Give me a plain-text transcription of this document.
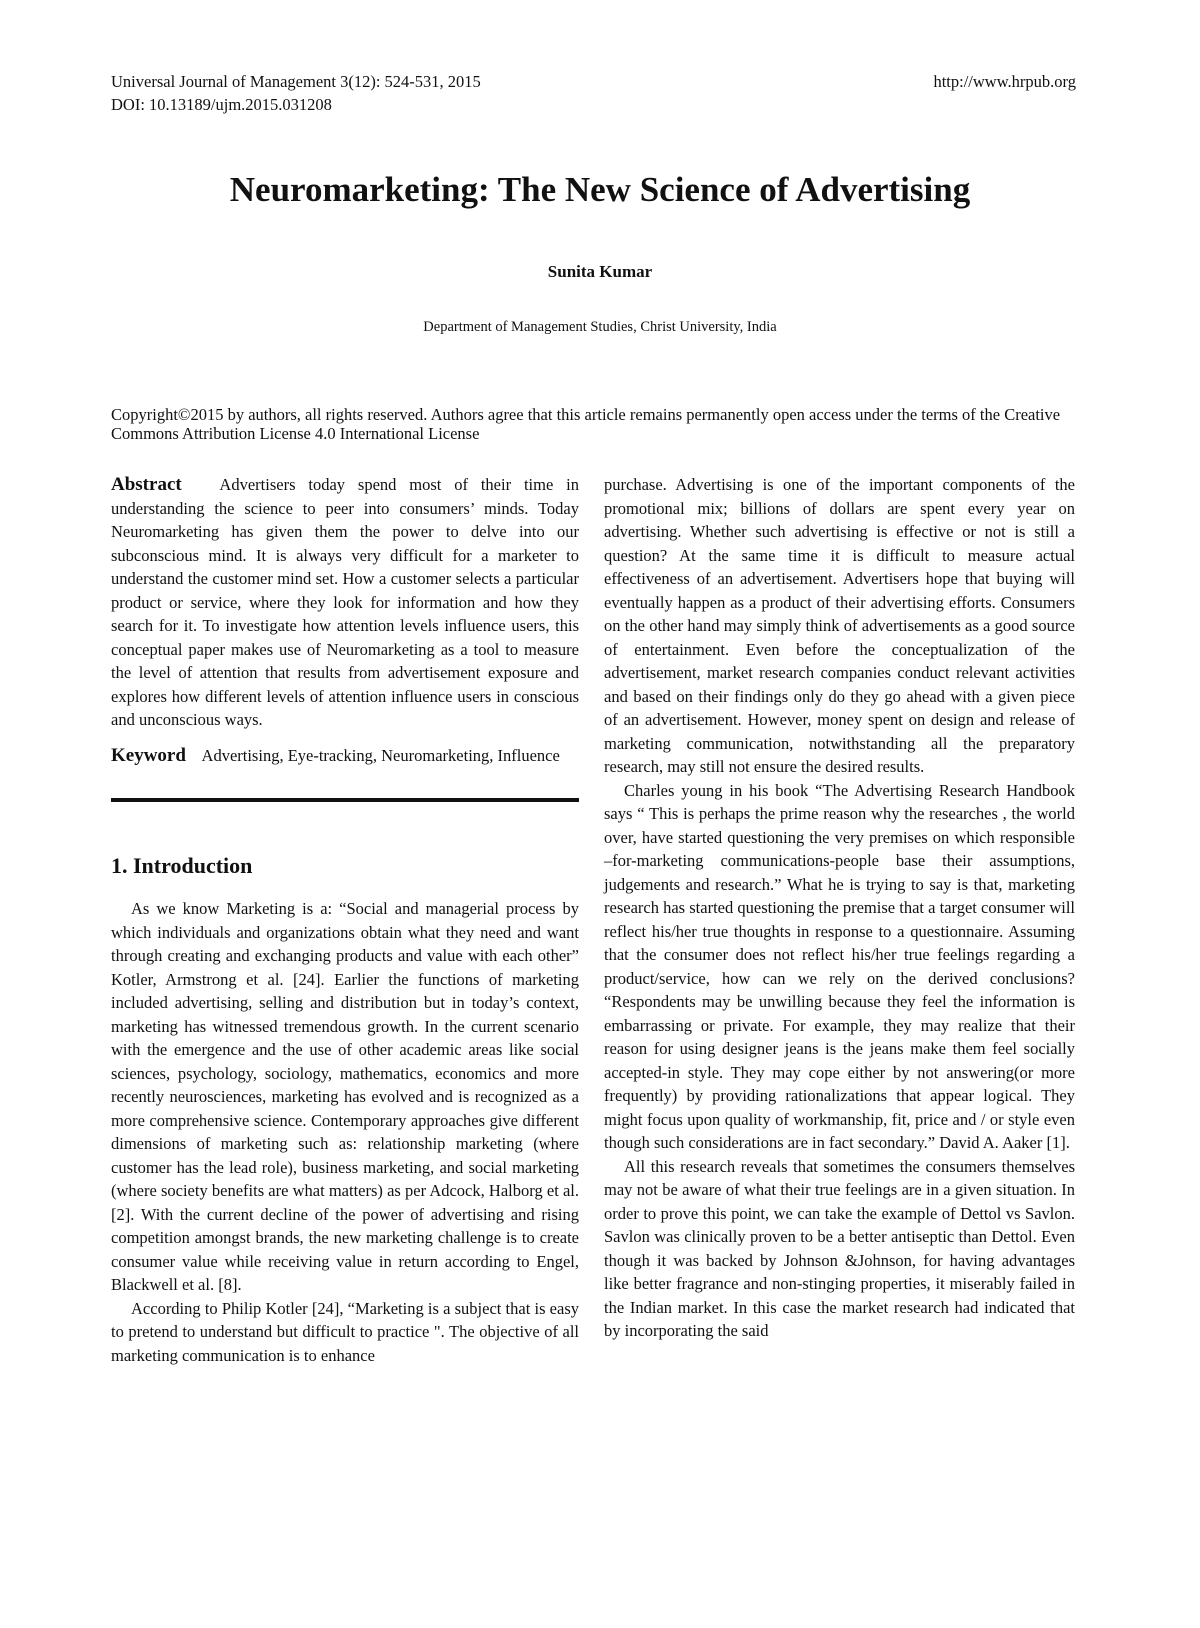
Universal Journal of Management 3(12): 524-531, 2015
DOI: 10.13189/ujm.2015.031208
http://www.hrpub.org
Neuromarketing: The New Science of Advertising
Sunita Kumar
Department of Management Studies, Christ University, India
Copyright©2015 by authors, all rights reserved. Authors agree that this article remains permanently open access under the terms of the Creative Commons Attribution License 4.0 International License

Abstract Advertisers today spend most of their time in understanding the science to peer into consumers’ minds. Today Neuromarketing has given them the power to delve into our subconscious mind. It is always very difficult for a marketer to understand the customer mind set. How a customer selects a particular product or service, where they look for information and how they search for it. To investigate how attention levels influence users, this conceptual paper makes use of Neuromarketing as a tool to measure the level of attention that results from advertisement exposure and explores how different levels of attention influence users in conscious and unconscious ways.

Keyword Advertising, Eye-tracking, Neuromarketing, Influence

1. Introduction

As we know Marketing is a: “Social and managerial process by which individuals and organizations obtain what they need and want through creating and exchanging products and value with each other” Kotler, Armstrong et al. [24]. Earlier the functions of marketing included advertising, selling and distribution but in today’s context, marketing has witnessed tremendous growth. In the current scenario with the emergence and the use of other academic areas like social sciences, psychology, sociology, mathematics, economics and more recently neurosciences, marketing has evolved and is recognized as a more comprehensive science. Contemporary approaches give different dimensions of marketing such as: relationship marketing (where customer has the lead role), business marketing, and social marketing (where society benefits are what matters) as per Adcock, Halborg et al. [2]. With the current decline of the power of advertising and rising competition amongst brands, the new marketing challenge is to create consumer value while receiving value in return according to Engel, Blackwell et al. [8].

According to Philip Kotler [24], “Marketing is a subject that is easy to pretend to understand but difficult to practice ". The objective of all marketing communication is to enhance

purchase. Advertising is one of the important components of the promotional mix; billions of dollars are spent every year on advertising. Whether such advertising is effective or not is still a question? At the same time it is difficult to measure actual effectiveness of an advertisement. Advertisers hope that buying will eventually happen as a product of their advertising efforts. Consumers on the other hand may simply think of advertisements as a good source of entertainment. Even before the conceptualization of the advertisement, market research companies conduct relevant activities and based on their findings only do they go ahead with a given piece of an advertisement. However, money spent on design and release of marketing communication, notwithstanding all the preparatory research, may still not ensure the desired results.

Charles young in his book “The Advertising Research Handbook says “ This is perhaps the prime reason why the researches , the world over, have started questioning the very premises on which responsible –for-marketing communications-people base their assumptions, judgements and research.” What he is trying to say is that, marketing research has started questioning the premise that a target consumer will reflect his/her true thoughts in response to a questionnaire. Assuming that the consumer does not reflect his/her true feelings regarding a product/service, how can we rely on the derived conclusions? “Respondents may be unwilling because they feel the information is embarrassing or private. For example, they may realize that their reason for using designer jeans is the jeans make them feel socially accepted-in style. They may cope either by not answering(or more frequently) by providing rationalizations that appear logical. They might focus upon quality of workmanship, fit, price and / or style even though such considerations are in fact secondary.” David A. Aaker [1].

All this research reveals that sometimes the consumers themselves may not be aware of what their true feelings are in a given situation. In order to prove this point, we can take the example of Dettol vs Savlon. Savlon was clinically proven to be a better antiseptic than Dettol. Even though it was backed by Johnson &Johnson, for having advantages like better fragrance and non-stinging properties, it miserably failed in the Indian market. In this case the market research had indicated that by incorporating the said
